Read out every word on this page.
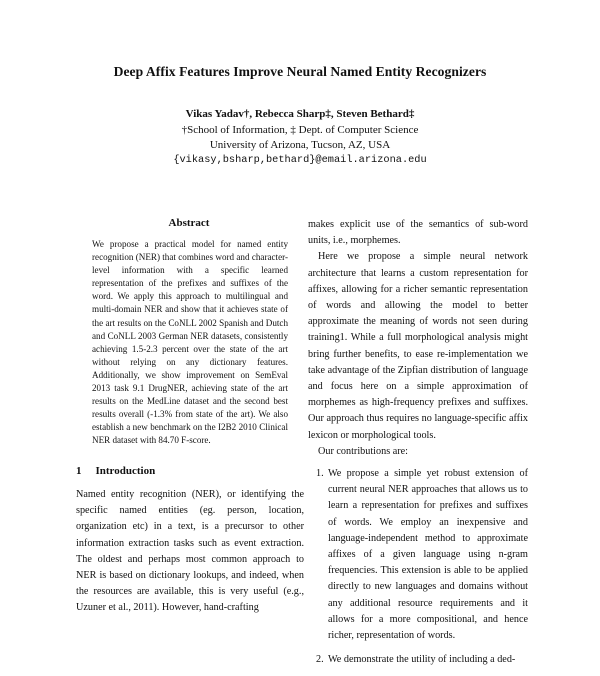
Deep Affix Features Improve Neural Named Entity Recognizers
Vikas Yadav†, Rebecca Sharp‡, Steven Bethard‡
†School of Information, ‡ Dept. of Computer Science
University of Arizona, Tucson, AZ, USA
{vikasy,bsharp,bethard}@email.arizona.edu
Abstract
We propose a practical model for named entity recognition (NER) that combines word and character-level information with a specific learned representation of the prefixes and suffixes of the word. We apply this approach to multilingual and multi-domain NER and show that it achieves state of the art results on the CoNLL 2002 Spanish and Dutch and CoNLL 2003 German NER datasets, consistently achieving 1.5-2.3 percent over the state of the art without relying on any dictionary features. Additionally, we show improvement on SemEval 2013 task 9.1 DrugNER, achieving state of the art results on the MedLine dataset and the second best results overall (-1.3% from state of the art). We also establish a new benchmark on the I2B2 2010 Clinical NER dataset with 84.70 F-score.
1 Introduction
Named entity recognition (NER), or identifying the specific named entities (eg. person, location, organization etc) in a text, is a precursor to other information extraction tasks such as event extraction. The oldest and perhaps most common approach to NER is based on dictionary lookups, and indeed, when the resources are available, this is very useful (e.g., Uzuner et al., 2011). However, hand-crafting

makes explicit use of the semantics of sub-word units, i.e., morphemes.

Here we propose a simple neural network architecture that learns a custom representation for affixes, allowing for a richer semantic representation of words and allowing the model to better approximate the meaning of words not seen during training1. While a full morphological analysis might bring further benefits, to ease re-implementation we take advantage of the Zipfian distribution of language and focus here on a simple approximation of morphemes as high-frequency prefixes and suffixes. Our approach thus requires no language-specific affix lexicon or morphological tools.

Our contributions are:

1. We propose a simple yet robust extension of current neural NER approaches that allows us to learn a representation for prefixes and suffixes of words. We employ an inexpensive and language-independent method to approximate affixes of a given language using n-gram frequencies. This extension is able to be applied directly to new languages and domains without any additional resource requirements and it allows for a more compositional, and hence richer, representation of words.
2. We demonstrate the utility of including a ded-
